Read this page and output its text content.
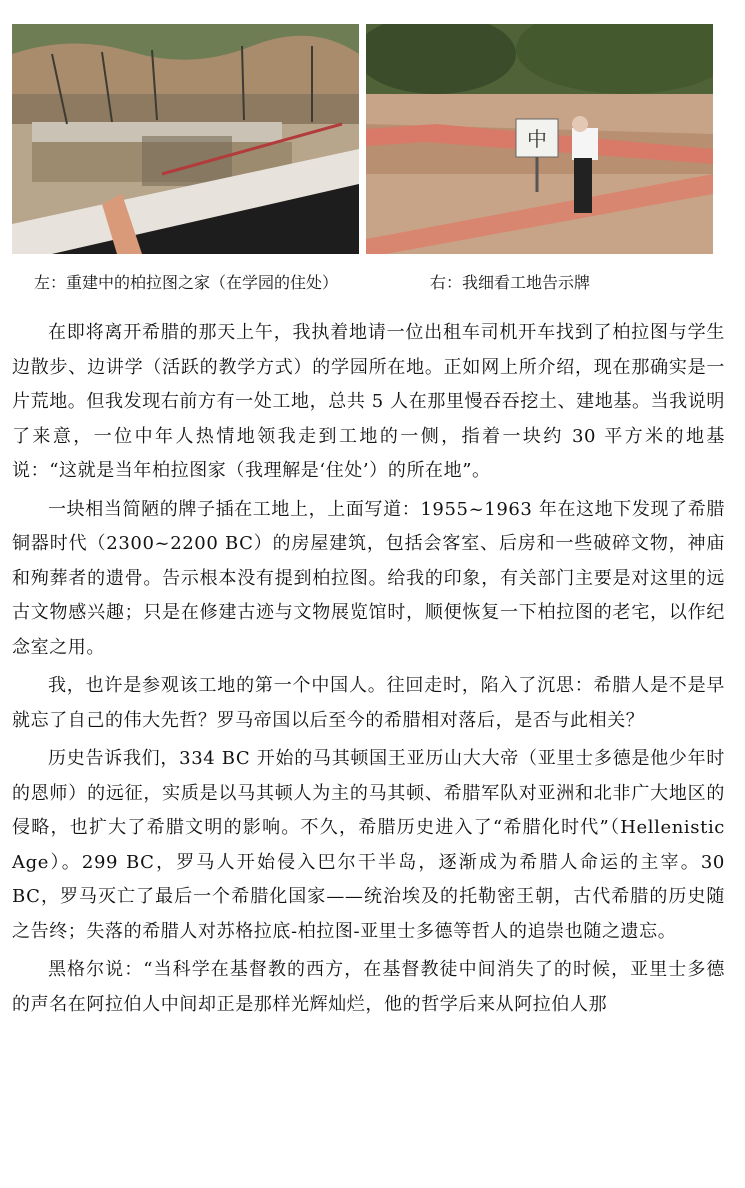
中
左：重建中的柏拉图之家（在学园的住处）	右：我细看工地告示牌

在即将离开希腊的那天上午，我执着地请一位出租车司机开车找到了柏拉图与学生边散步、边讲学（活跃的教学方式）的学园所在地。正如网上所介绍，现在那确实是一片荒地。但我发现右前方有一处工地，总共 5 人在那里慢吞吞挖土、建地基。当我说明了来意，一位中年人热情地领我走到工地的一侧，指着一块约 30 平方米的地基说：“这就是当年柏拉图家（我理解是‘住处’）的所在地”。

一块相当简陋的牌子插在工地上，上面写道：1955~1963 年在这地下发现了希腊铜器时代（2300~2200 BC）的房屋建筑，包括会客室、后房和一些破碎文物，神庙和殉葬者的遗骨。告示根本没有提到柏拉图。给我的印象，有关部门主要是对这里的远古文物感兴趣；只是在修建古迹与文物展览馆时，顺便恢复一下柏拉图的老宅，以作纪念室之用。

我，也许是参观该工地的第一个中国人。往回走时，陷入了沉思：希腊人是不是早就忘了自己的伟大先哲？罗马帝国以后至今的希腊相对落后，是否与此相关？

历史告诉我们，334 BC 开始的马其顿国王亚历山大大帝（亚里士多德是他少年时的恩师）的远征，实质是以马其顿人为主的马其顿、希腊军队对亚洲和北非广大地区的侵略，也扩大了希腊文明的影响。不久，希腊历史进入了“希腊化时代”（Hellenistic Age）。299 BC，罗马人开始侵入巴尔干半岛，逐渐成为希腊人命运的主宰。30 BC，罗马灭亡了最后一个希腊化国家——统治埃及的托勒密王朝，古代希腊的历史随之告终；失落的希腊人对苏格拉底-柏拉图-亚里士多德等哲人的追崇也随之遗忘。

黑格尔说：“当科学在基督教的西方，在基督教徒中间消失了的时候，亚里士多德的声名在阿拉伯人中间却正是那样光辉灿烂，他的哲学后来从阿拉伯人那
